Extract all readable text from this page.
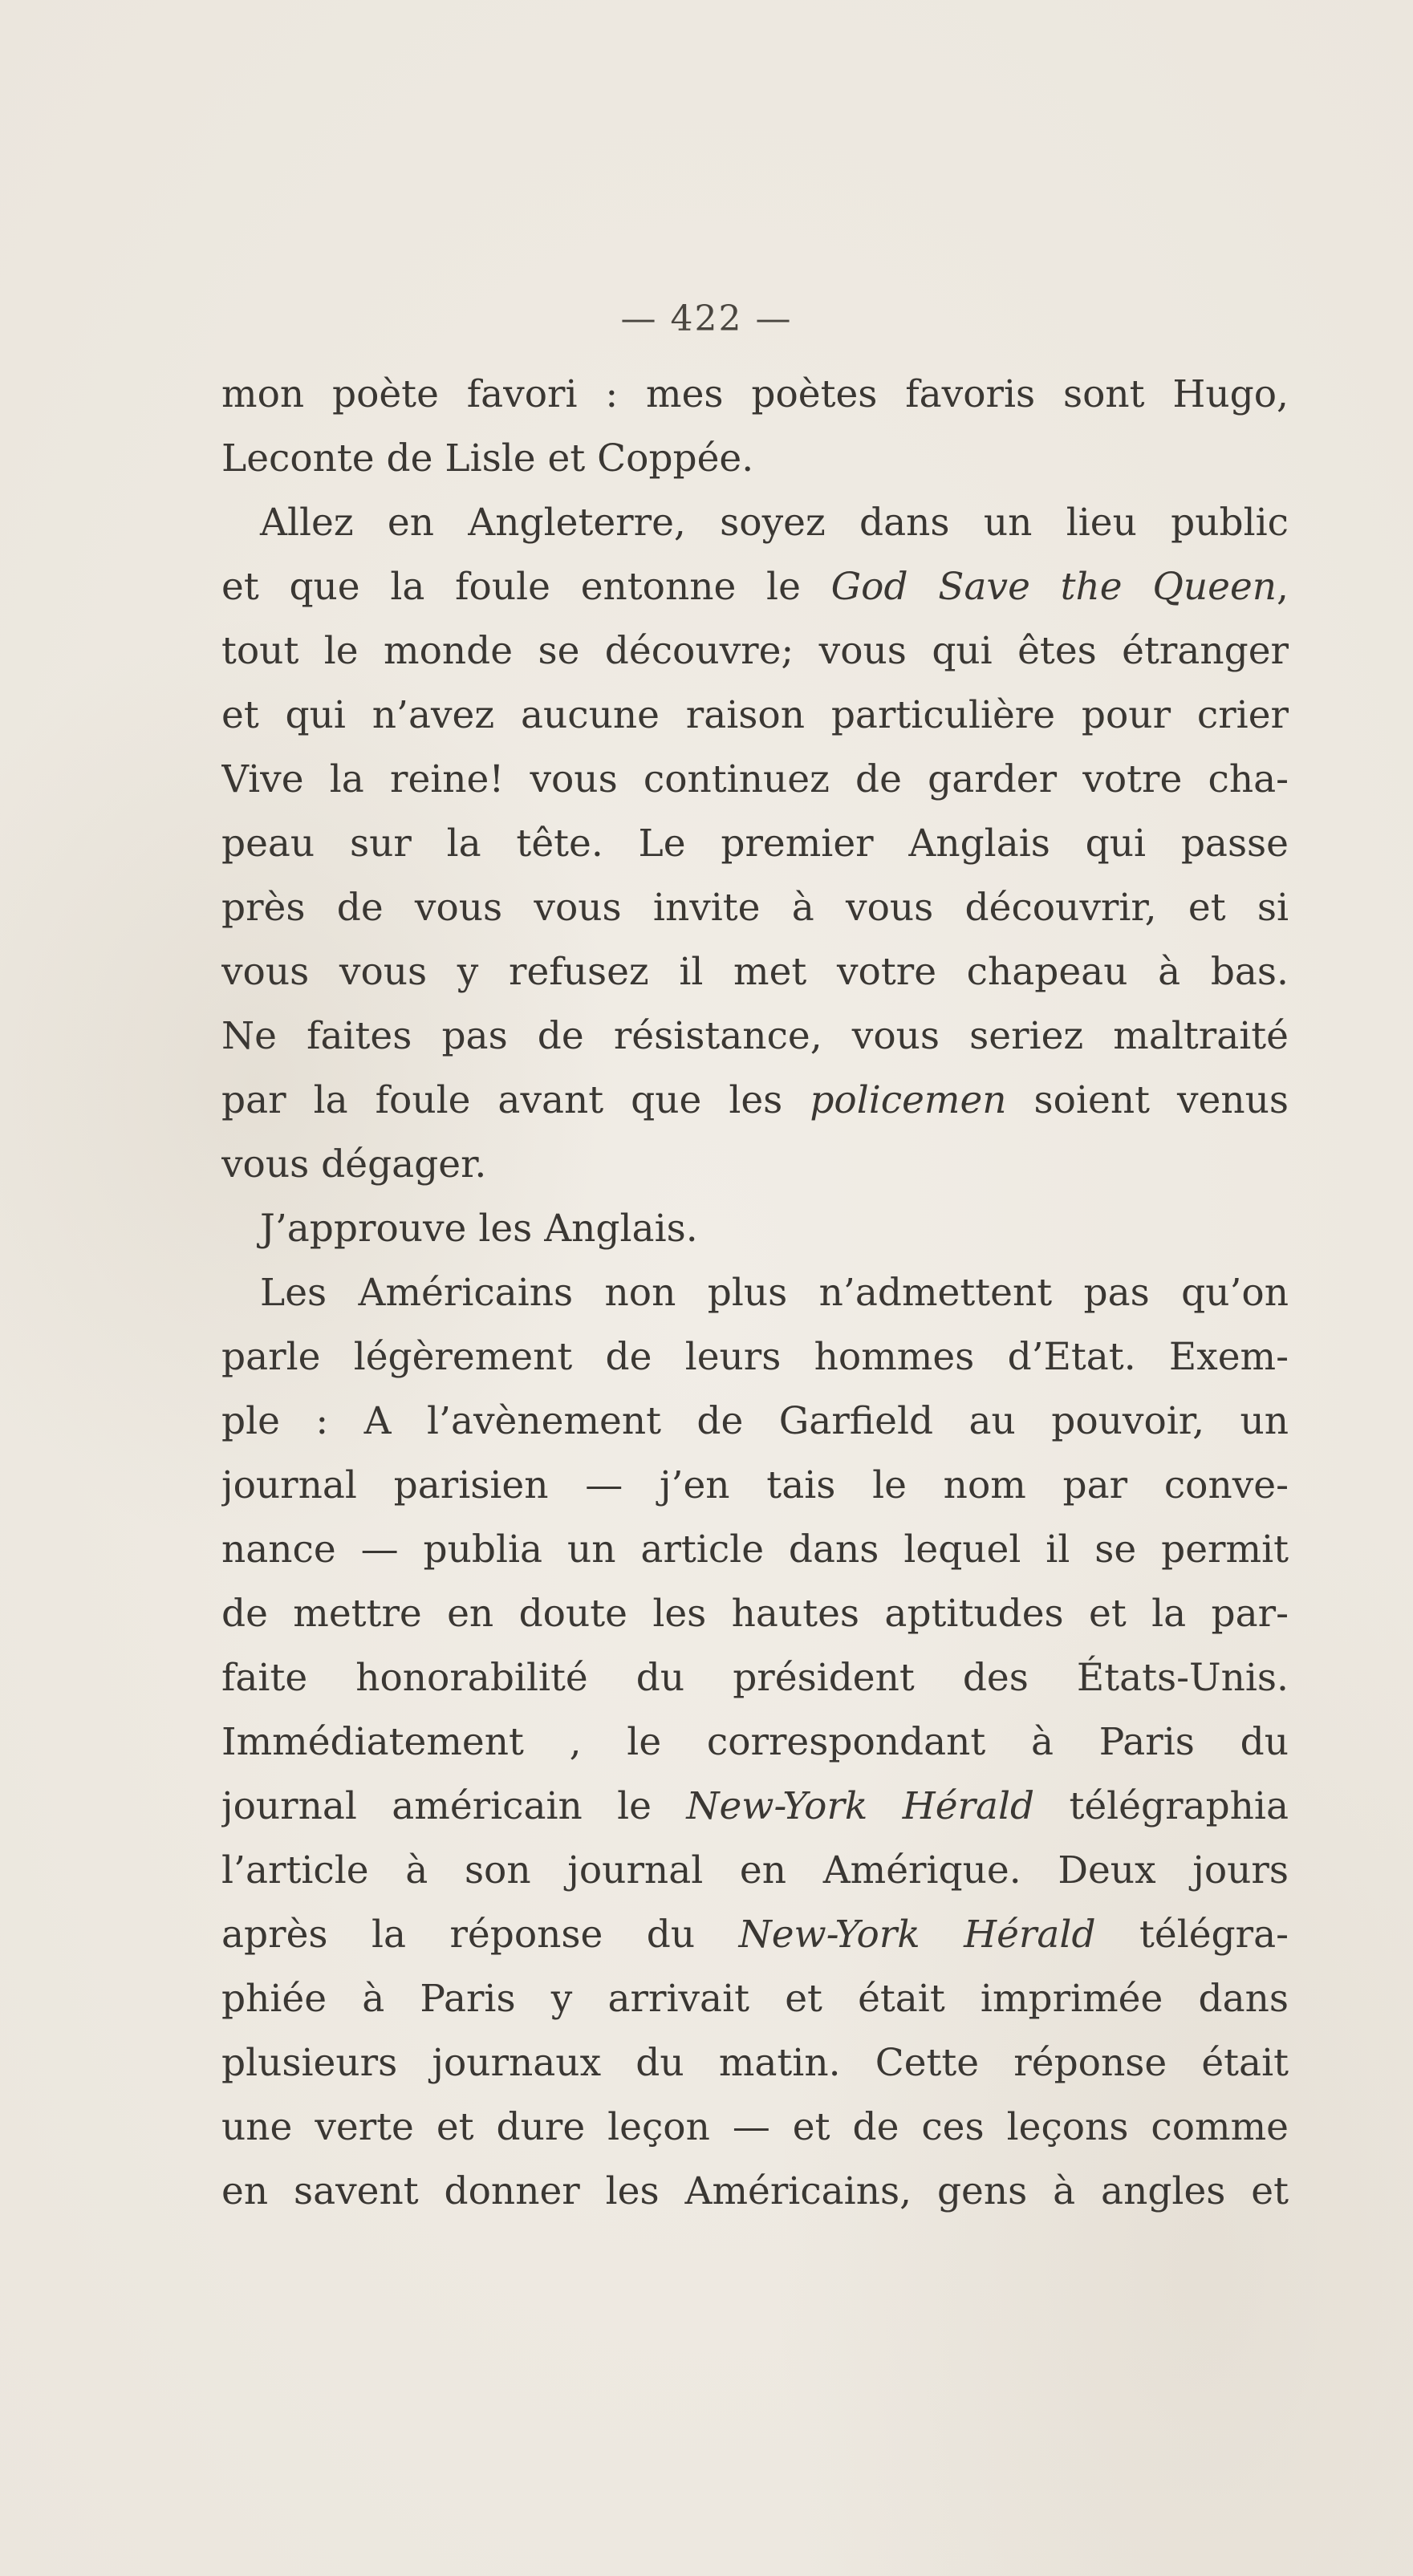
— 422 —
mon poète favori : mes poètes favoris sont Hugo,
Leconte de Lisle et Coppée.
Allez en Angleterre, soyez dans un lieu public
et que la foule entonne le God Save the Queen,
tout le monde se découvre; vous qui êtes étranger
et qui n’avez aucune raison particulière pour crier
Vive la reine! vous continuez de garder votre cha-
peau sur la tête. Le premier Anglais qui passe
près de vous vous invite à vous découvrir, et si
vous vous y refusez il met votre chapeau à bas.
Ne faites pas de résistance, vous seriez maltraité
par la foule avant que les policemen soient venus
vous dégager.
J’approuve les Anglais.
Les Américains non plus n’admettent pas qu’on
parle légèrement de leurs hommes d’Etat. Exem-
ple : A l’avènement de Garfield au pouvoir, un
journal parisien — j’en tais le nom par conve-
nance — publia un article dans lequel il se permit
de mettre en doute les hautes aptitudes et la par-
faite honorabilité du président des États-Unis.
Immédiatement , le correspondant à Paris du
journal américain le New-York Hérald télégraphia
l’article à son journal en Amérique. Deux jours
après la réponse du New-York Hérald télégra-
phiée à Paris y arrivait et était imprimée dans
plusieurs journaux du matin. Cette réponse était
une verte et dure leçon — et de ces leçons comme
en savent donner les Américains, gens à angles et
